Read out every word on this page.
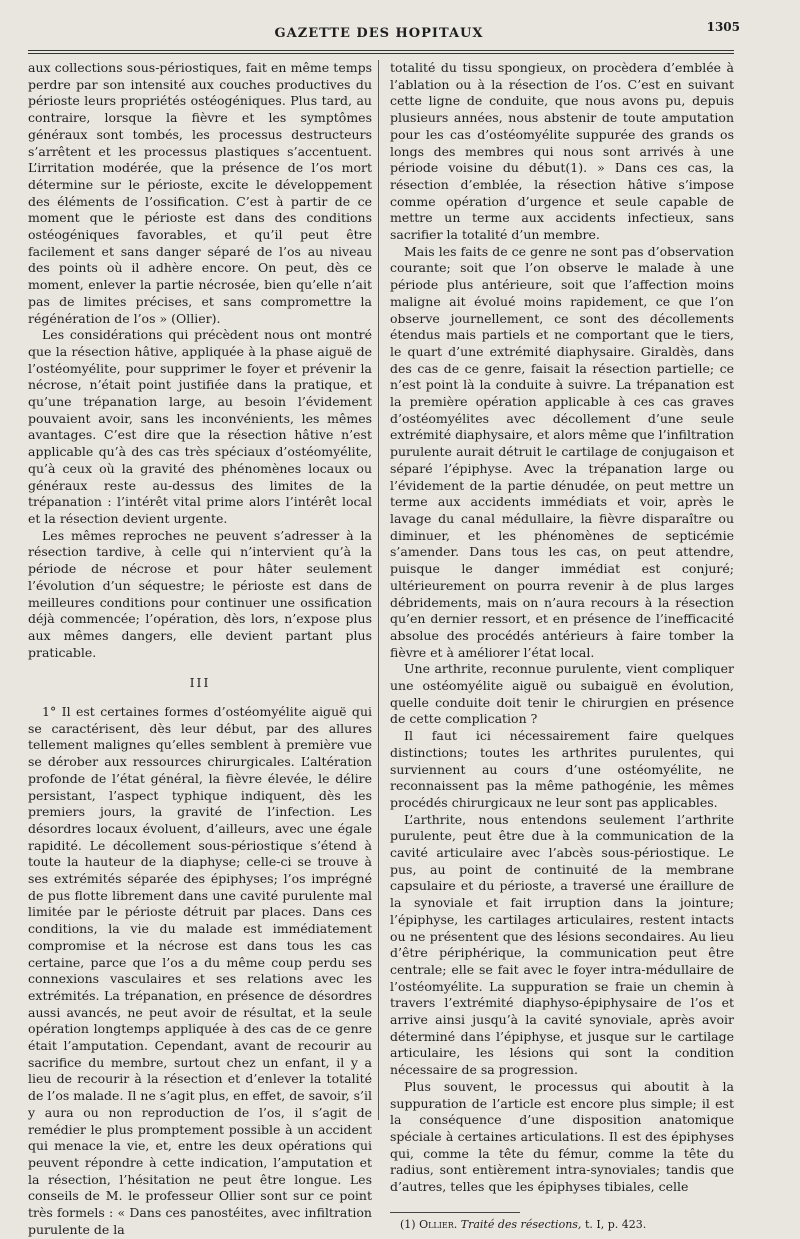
GAZETTE DES HOPITAUX	1305

aux collections sous-périostiques, fait en même temps perdre par son intensité aux couches productives du périoste leurs propriétés ostéogéniques. Plus tard, au contraire, lorsque la fièvre et les symptômes généraux sont tombés, les processus destructeurs s’arrêtent et les processus plastiques s’accentuent. L’irritation modérée, que la présence de l’os mort détermine sur le périoste, excite le développement des éléments de l’ossification. C’est à partir de ce moment que le périoste est dans des conditions ostéogéniques favorables, et qu’il peut être facilement et sans danger séparé de l’os au niveau des points où il adhère encore. On peut, dès ce moment, enlever la partie nécrosée, bien qu’elle n’ait pas de limites précises, et sans compromettre la régénération de l’os » (Ollier).

Les considérations qui précèdent nous ont montré que la résection hâtive, appliquée à la phase aiguë de l’ostéomyélite, pour supprimer le foyer et prévenir la nécrose, n’était point justifiée dans la pratique, et qu’une trépanation large, au besoin l’évidement pouvaient avoir, sans les inconvénients, les mêmes avantages. C’est dire que la résection hâtive n’est applicable qu’à des cas très spéciaux d’ostéomyélite, qu’à ceux où la gravité des phénomènes locaux ou généraux reste au-dessus des limites de la trépanation : l’intérêt vital prime alors l’intérêt local et la résection devient urgente.

Les mêmes reproches ne peuvent s’adresser à la résection tardive, à celle qui n’intervient qu’à la période de nécrose et pour hâter seulement l’évolution d’un séquestre; le périoste est dans de meilleures conditions pour continuer une ossification déjà commencée; l’opération, dès lors, n’expose plus aux mêmes dangers, elle devient partant plus praticable.

III

1° Il est certaines formes d’ostéomyélite aiguë qui se caractérisent, dès leur début, par des allures tellement malignes qu’elles semblent à première vue se dérober aux ressources chirurgicales. L’altération profonde de l’état général, la fièvre élevée, le délire persistant, l’aspect typhique indiquent, dès les premiers jours, la gravité de l’infection. Les désordres locaux évoluent, d’ailleurs, avec une égale rapidité. Le décollement sous-périostique s’étend à toute la hauteur de la diaphyse; celle-ci se trouve à ses extrémités séparée des épiphyses; l’os imprégné de pus flotte librement dans une cavité purulente mal limitée par le périoste détruit par places. Dans ces conditions, la vie du malade est immédiatement compromise et la nécrose est dans tous les cas certaine, parce que l’os a du même coup perdu ses connexions vasculaires et ses relations avec les extrémités. La trépanation, en présence de désordres aussi avancés, ne peut avoir de résultat, et la seule opération longtemps appliquée à des cas de ce genre était l’amputation. Cependant, avant de recourir au sacrifice du membre, surtout chez un enfant, il y a lieu de recourir à la résection et d’enlever la totalité de l’os malade. Il ne s’agit plus, en effet, de savoir, s’il y aura ou non reproduction de l’os, il s’agit de remédier le plus promptement possible à un accident qui menace la vie, et, entre les deux opérations qui peuvent répondre à cette indication, l’amputation et la résection, l’hésitation ne peut être longue. Les conseils de M. le professeur Ollier sont sur ce point très formels : « Dans ces panostéites, avec infiltration purulente de la

totalité du tissu spongieux, on procèdera d’emblée à l’ablation ou à la résection de l’os. C’est en suivant cette ligne de conduite, que nous avons pu, depuis plusieurs années, nous abstenir de toute amputation pour les cas d’ostéomyélite suppurée des grands os longs des membres qui nous sont arrivés à une période voisine du début(1). » Dans ces cas, la résection d’emblée, la résection hâtive s’impose comme opération d’urgence et seule capable de mettre un terme aux accidents infectieux, sans sacrifier la totalité d’un membre.

Mais les faits de ce genre ne sont pas d’observation courante; soit que l’on observe le malade à une période plus antérieure, soit que l’affection moins maligne ait évolué moins rapidement, ce que l’on observe journellement, ce sont des décollements étendus mais partiels et ne comportant que le tiers, le quart d’une extrémité diaphysaire. Giraldès, dans des cas de ce genre, faisait la résection partielle; ce n’est point là la conduite à suivre. La trépanation est la première opération applicable à ces cas graves d’ostéomyélites avec décollement d’une seule extrémité diaphysaire, et alors même que l’infiltration purulente aurait détruit le cartilage de conjugaison et séparé l’épiphyse. Avec la trépanation large ou l’évidement de la partie dénudée, on peut mettre un terme aux accidents immédiats et voir, après le lavage du canal médullaire, la fièvre disparaître ou diminuer, et les phénomènes de septicémie s’amender. Dans tous les cas, on peut attendre, puisque le danger immédiat est conjuré; ultérieurement on pourra revenir à de plus larges débridements, mais on n’aura recours à la résection qu’en dernier ressort, et en présence de l’inefficacité absolue des procédés antérieurs à faire tomber la fièvre et à améliorer l’état local.

Une arthrite, reconnue purulente, vient compliquer une ostéomyélite aiguë ou subaiguë en évolution, quelle conduite doit tenir le chirurgien en présence de cette complication ?

Il faut ici nécessairement faire quelques distinctions; toutes les arthrites purulentes, qui surviennent au cours d’une ostéomyélite, ne reconnaissent pas la même pathogénie, les mêmes procédés chirurgicaux ne leur sont pas applicables.

L’arthrite, nous entendons seulement l’arthrite purulente, peut être due à la communication de la cavité articulaire avec l’abcès sous-périostique. Le pus, au point de continuité de la membrane capsulaire et du périoste, a traversé une éraillure de la synoviale et fait irruption dans la jointure; l’épiphyse, les cartilages articulaires, restent intacts ou ne présentent que des lésions secondaires. Au lieu d’être périphérique, la communication peut être centrale; elle se fait avec le foyer intra-médullaire de l’ostéomyélite. La suppuration se fraie un chemin à travers l’extrémité diaphyso-épiphysaire de l’os et arrive ainsi jusqu’à la cavité synoviale, après avoir déterminé dans l’épiphyse, et jusque sur le cartilage articulaire, les lésions qui sont la condition nécessaire de sa progression.

Plus souvent, le processus qui aboutit à la suppuration de l’article est encore plus simple; il est la conséquence d’une disposition anatomique spéciale à certaines articulations. Il est des épiphyses qui, comme la tête du fémur, comme la tête du radius, sont entièrement intra-synoviales; tandis que d’autres, telles que les épiphyses tibiales, celle

(1) Ollier. Traité des résections, t. I, p. 423.
